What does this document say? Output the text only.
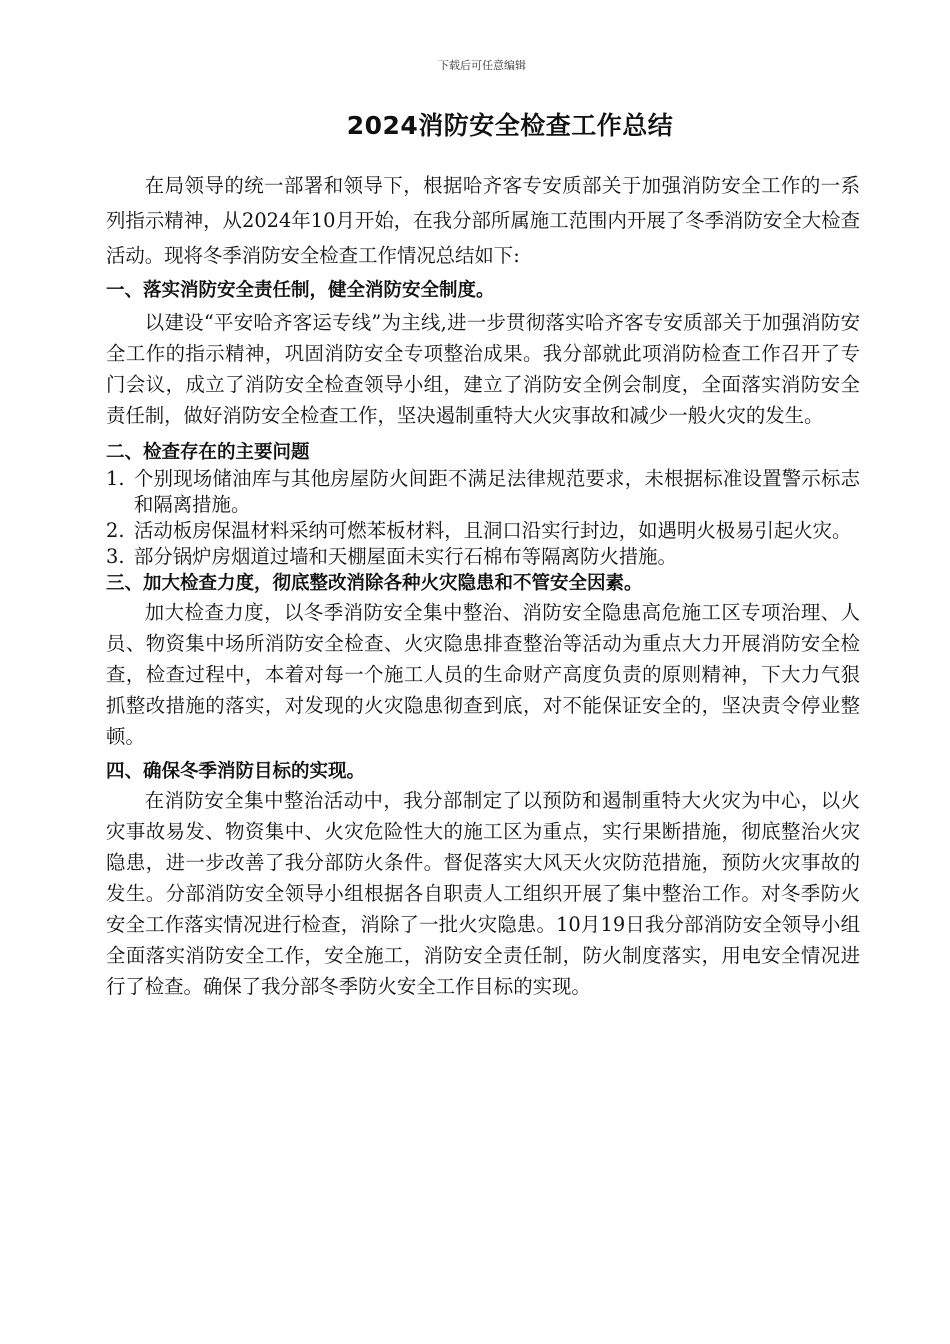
下载后可任意编辑
2024消防安全检查工作总结

在局领导的统一部署和领导下，根据哈齐客专安质部关于加强消防安全工作的一系列指示精神，从2024年10月开始，在我分部所属施工范围内开展了冬季消防安全大检查活动。现将冬季消防安全检查工作情况总结如下:

一、落实消防安全责任制，健全消防安全制度。

以建设“平安哈齐客运专线”为主线,进一步贯彻落实哈齐客专安质部关于加强消防安全工作的指示精神，巩固消防安全专项整治成果。我分部就此项消防检查工作召开了专门会议，成立了消防安全检查领导小组，建立了消防安全例会制度，全面落实消防安全责任制，做好消防安全检查工作，坚决遏制重特大火灾事故和减少一般火灾的发生。

二、检查存在的主要问题

1. 个别现场储油库与其他房屋防火间距不满足法律规范要求，未根据标准设置警示标志和隔离措施。
2. 活动板房保温材料采纳可燃苯板材料，且洞口沿实行封边，如遇明火极易引起火灾。
3. 部分锅炉房烟道过墙和天棚屋面未实行石棉布等隔离防火措施。

三、加大检查力度，彻底整改消除各种火灾隐患和不管安全因素。

加大检查力度，以冬季消防安全集中整治、消防安全隐患高危施工区专项治理、人员、物资集中场所消防安全检查、火灾隐患排查整治等活动为重点大力开展消防安全检查，检查过程中，本着对每一个施工人员的生命财产高度负责的原则精神，下大力气狠抓整改措施的落实，对发现的火灾隐患彻查到底，对不能保证安全的，坚决责令停业整顿。

四、确保冬季消防目标的实现。

在消防安全集中整治活动中，我分部制定了以预防和遏制重特大火灾为中心，以火灾事故易发、物资集中、火灾危险性大的施工区为重点，实行果断措施，彻底整治火灾隐患，进一步改善了我分部防火条件。督促落实大风天火灾防范措施，预防火灾事故的发生。分部消防安全领导小组根据各自职责人工组织开展了集中整治工作。对冬季防火安全工作落实情况进行检查，消除了一批火灾隐患。10月19日我分部消防安全领导小组全面落实消防安全工作，安全施工，消防安全责任制，防火制度落实，用电安全情况进行了检查。确保了我分部冬季防火安全工作目标的实现。
